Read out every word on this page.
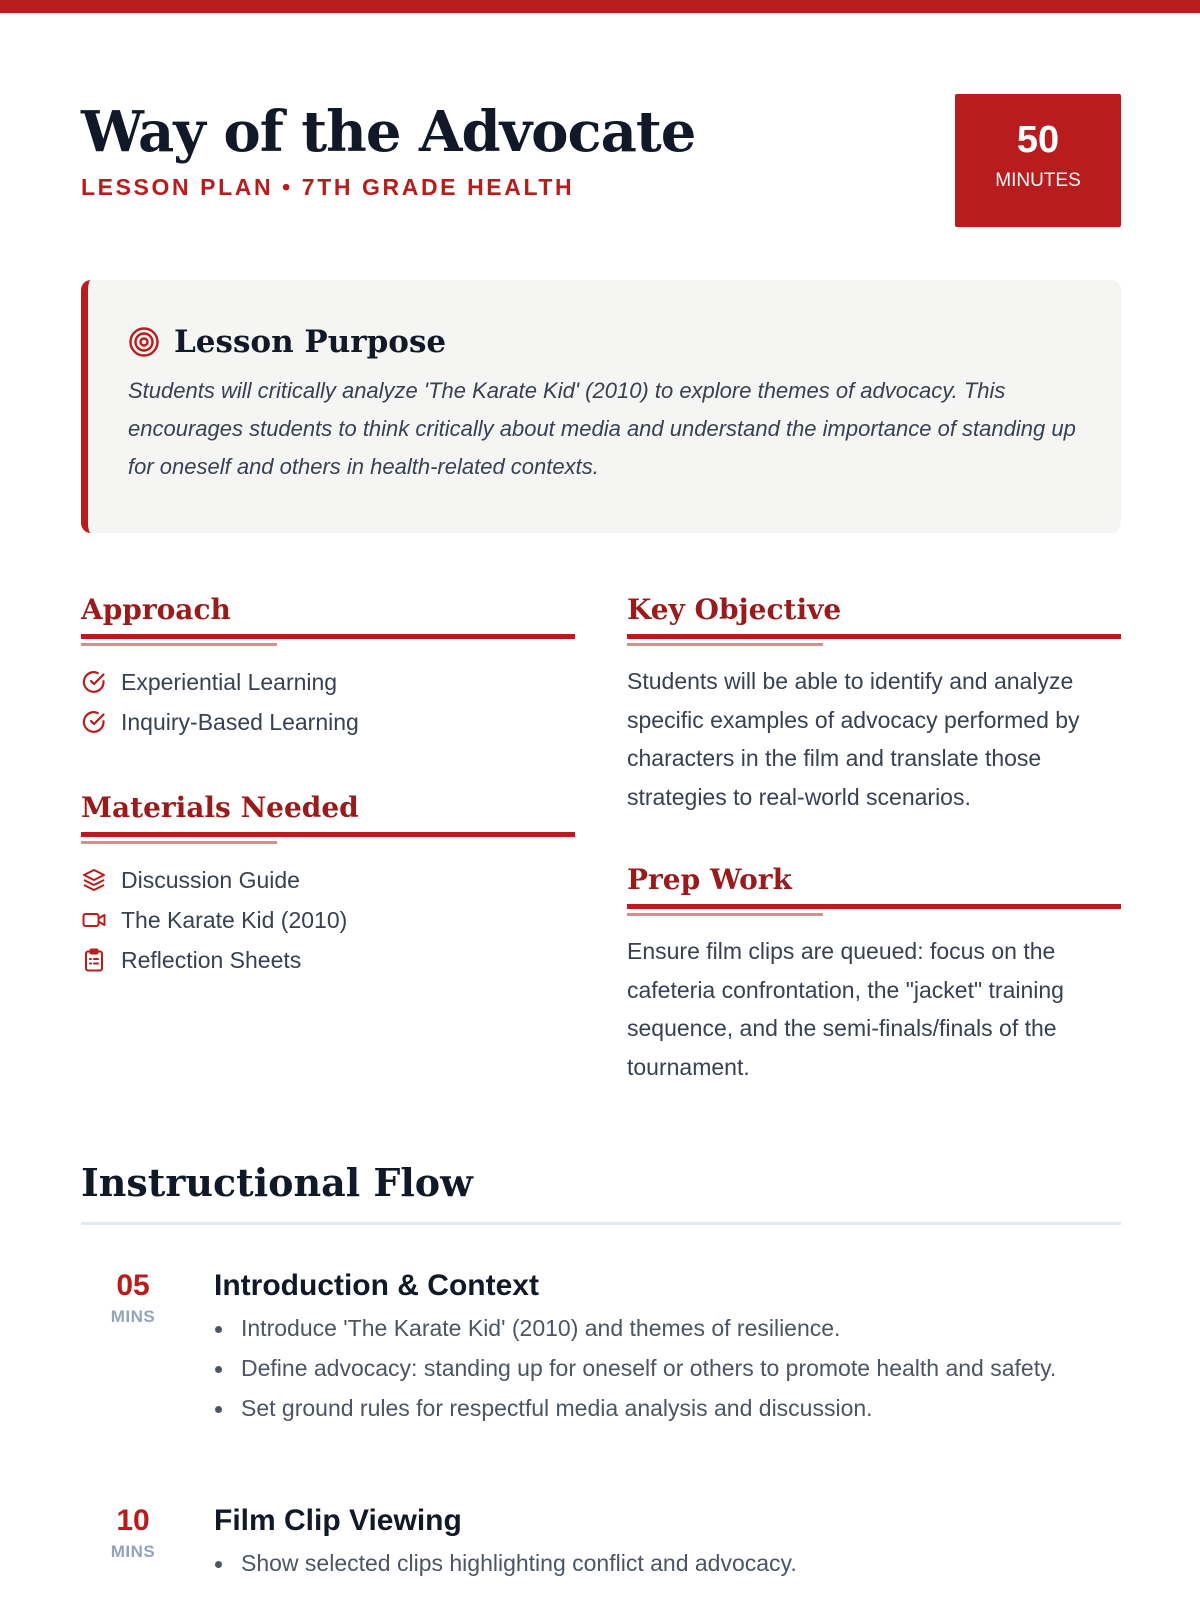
Way of the Advocate
LESSON PLAN • 7TH GRADE HEALTH
50
MINUTES
Lesson Purpose

Students will critically analyze 'The Karate Kid' (2010) to explore themes of advocacy. This encourages students to think critically about media and understand the importance of standing up for oneself and others in health-related contexts.

Approach
Experiential Learning
Inquiry-Based Learning
Materials Needed
Discussion Guide
The Karate Kid (2010)
Reflection Sheets
Key Objective

Students will be able to identify and analyze specific examples of advocacy performed by characters in the film and translate those strategies to real-world scenarios.

Prep Work

Ensure film clips are queued: focus on the cafeteria confrontation, the "jacket" training sequence, and the semi-finals/finals of the tournament.

Instructional Flow
05
MINS
Introduction & Context
Introduce 'The Karate Kid' (2010) and themes of resilience.
Define advocacy: standing up for oneself or others to promote health and safety.
Set ground rules for respectful media analysis and discussion.
10
MINS
Film Clip Viewing
Show selected clips highlighting conflict and advocacy.
